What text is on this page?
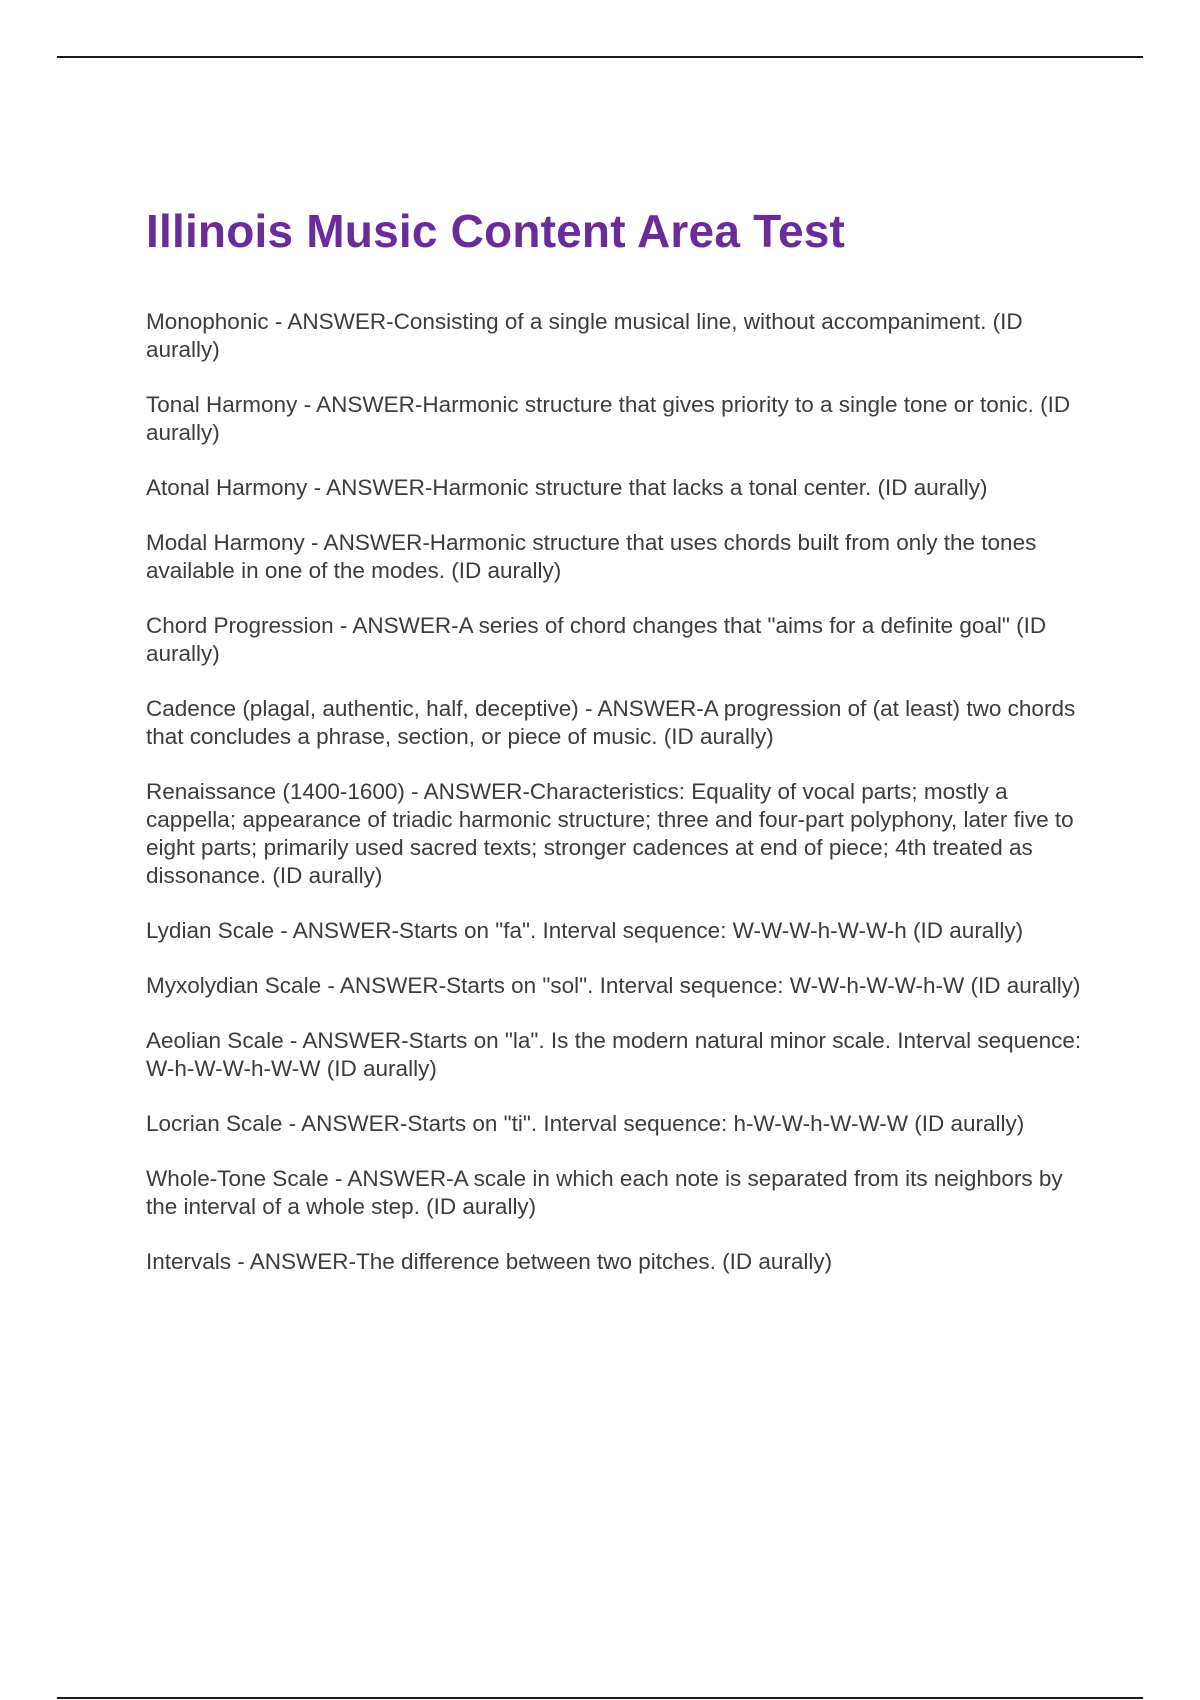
Illinois Music Content Area Test

Monophonic - ANSWER-Consisting of a single musical line, without accompaniment. (ID aurally)

Tonal Harmony - ANSWER-Harmonic structure that gives priority to a single tone or tonic. (ID aurally)

Atonal Harmony - ANSWER-Harmonic structure that lacks a tonal center. (ID aurally)

Modal Harmony - ANSWER-Harmonic structure that uses chords built from only the tones available in one of the modes. (ID aurally)

Chord Progression - ANSWER-A series of chord changes that "aims for a definite goal" (ID aurally)

Cadence (plagal, authentic, half, deceptive) - ANSWER-A progression of (at least) two chords that concludes a phrase, section, or piece of music. (ID aurally)

Renaissance (1400-1600) - ANSWER-Characteristics: Equality of vocal parts; mostly a cappella; appearance of triadic harmonic structure; three and four-part polyphony, later five to eight parts; primarily used sacred texts; stronger cadences at end of piece; 4th treated as dissonance. (ID aurally)

Lydian Scale - ANSWER-Starts on "fa". Interval sequence: W-W-W-h-W-W-h (ID aurally)

Myxolydian Scale - ANSWER-Starts on "sol". Interval sequence: W-W-h-W-W-h-W (ID aurally)

Aeolian Scale - ANSWER-Starts on "la". Is the modern natural minor scale. Interval sequence: W-h-W-W-h-W-W (ID aurally)

Locrian Scale - ANSWER-Starts on "ti". Interval sequence: h-W-W-h-W-W-W (ID aurally)

Whole-Tone Scale - ANSWER-A scale in which each note is separated from its neighbors by the interval of a whole step. (ID aurally)

Intervals - ANSWER-The difference between two pitches. (ID aurally)
